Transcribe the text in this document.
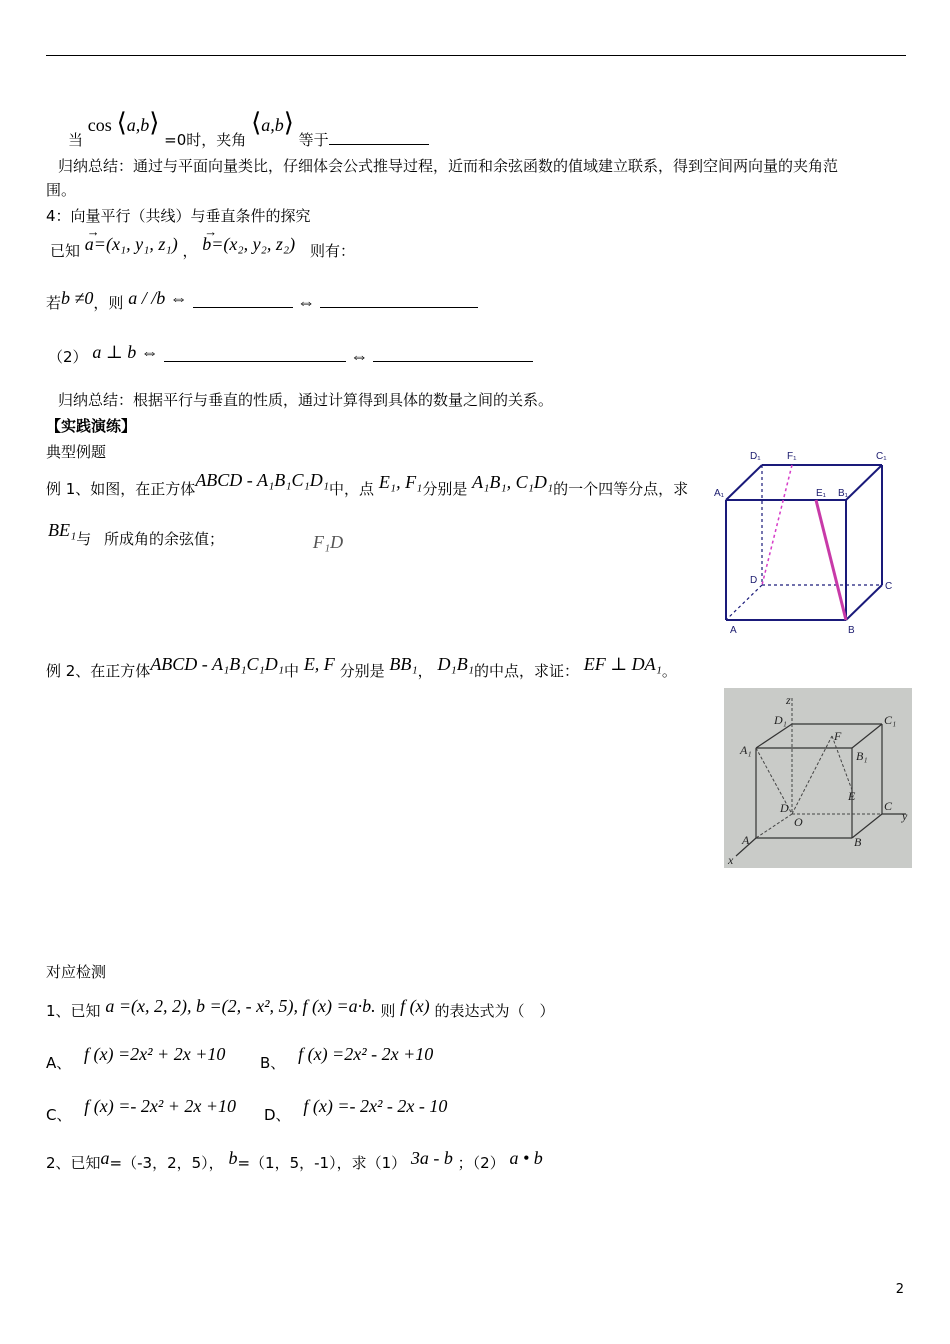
当 cos ⟨a,b⟩ =0时，夹角 ⟨a,b⟩ 等于
归纳总结：通过与平面向量类比，仔细体会公式推导过程，近而和余弦函数的值域建立联系，得到空间两向量的夹角范
围。
4：向量平行（共线）与垂直条件的探究
已知
→
a=(x₁, y₁, z₁) ，
→
b=(x₂, y₂, z₂) 则有：
若b ≠0，则 a / /b ⇔	⇔
（2） a ⊥ b ⇔	⇔
归纳总结：根据平行与垂直的性质，通过计算得到具体的数量之间的关系。
【实践演练】
典型例题
例 1、如图，在正方体ABCD - A₁B₁C₁D₁中，点 E₁, F₁分别是 A₁B₁, C₁D₁的一个四等分点，求
BE₁与 所成角的余弦值；	F₁D
D₁	F₁	C₁
A₁	E₁ B₁
D
C
A	B
例 2、在正方体ABCD - A₁B₁C₁D₁中 E, F 分别是 BB₁， D₁B₁的中点，求证： EF ⊥ DA₁。
z
D₁	C₁
F
A₁	B₁
E
D
O
C
y
A	B
x
对应检测
1、已知 a =(x, 2, 2), b =(2, - x², 5), f (x) =a·b. 则 f (x) 的表达式为（　）
A、 f (x) =2x² + 2x +10 B、 f (x) =2x² - 2x +10
C、 f (x) =- 2x² + 2x +10 D、 f (x) =- 2x² - 2x - 10
2、已知a=（-3，2，5）， b=（1，5，-1），求（1） 3a - b ；（2） a • b
2
